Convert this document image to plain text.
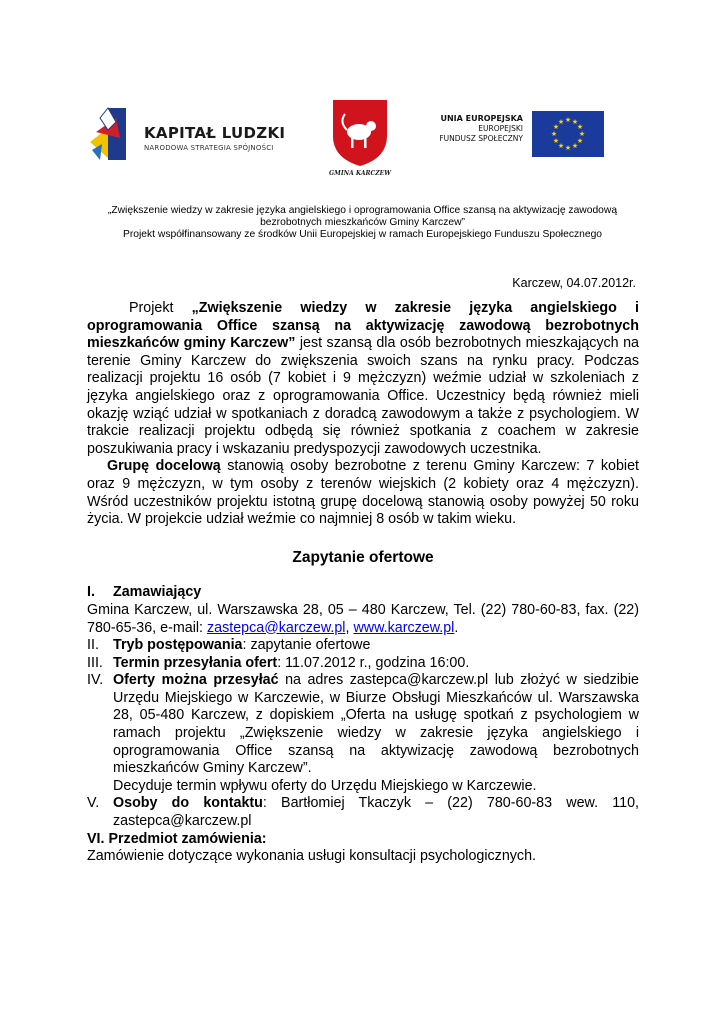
KAPITAŁ LUDZKI
NARODOWA STRATEGIA SPÓJNOŚCI
GMINA KARCZEW
UNIA EUROPEJSKA
EUROPEJSKI
FUNDUSZ SPOŁECZNY
★ ★
★
★
★
★
★
★
★
★
★
★
„Zwiększenie wiedzy w zakresie języka angielskiego i oprogramowania Office szansą na aktywizację zawodową
bezrobotnych mieszkańców Gminy Karczew”
Projekt współfinansowany ze środków Unii Europejskiej w ramach Europejskiego Funduszu Społecznego
Karczew, 04.07.2012r.

Projekt „Zwiększenie wiedzy w zakresie języka angielskiego i oprogramowania Office szansą na aktywizację zawodową bezrobotnych mieszkańców gminy Karczew” jest szansą dla osób bezrobotnych mieszkających na terenie Gminy Karczew do zwiększenia swoich szans na rynku pracy. Podczas realizacji projektu 16 osób (7 kobiet i 9 mężczyzn) weźmie udział w szkoleniach z języka angielskiego oraz z oprogramowania Office. Uczestnicy będą również mieli okazję wziąć udział w spotkaniach z doradcą zawodowym a także z psychologiem. W trakcie realizacji projektu odbędą się również spotkania z coachem w zakresie poszukiwania pracy i wskazaniu predyspozycji zawodowych uczestnika.

Grupę docelową stanowią osoby bezrobotne z terenu Gminy Karczew: 7 kobiet oraz 9 mężczyzn, w tym osoby z terenów wiejskich (2 kobiety oraz 4 mężczyzn). Wśród uczestników projektu istotną grupę docelową stanowią osoby powyżej 50 roku życia. W projekcie udział weźmie co najmniej 8 osób w takim wieku.

Zapytanie ofertowe
I.	Zamawiający
Gmina Karczew, ul. Warszawska 28, 05 – 480 Karczew, Tel. (22) 780-60-83, fax. (22) 780-65-36, e-mail: zastepca@karczew.pl, www.karczew.pl.
II. Tryb postępowania: zapytanie ofertowe
III. Termin przesyłania ofert: 11.07.2012 r., godzina 16:00.
IV. Oferty można przesyłać na adres zastepca@karczew.pl lub złożyć w siedzibie Urzędu Miejskiego w Karczewie, w Biurze Obsługi Mieszkańców ul. Warszawska 28, 05-480 Karczew, z dopiskiem „Oferta na usługę spotkań z psychologiem w ramach projektu „Zwiększenie wiedzy w zakresie języka angielskiego i oprogramowania Office szansą na aktywizację zawodową bezrobotnych mieszkańców Gminy Karczew”.
Decyduje termin wpływu oferty do Urzędu Miejskiego w Karczewie.
V. Osoby do kontaktu: Bartłomiej Tkaczyk – (22) 780-60-83 wew. 110, zastepca@karczew.pl
VI. Przedmiot zamówienia:
Zamówienie dotyczące wykonania usługi konsultacji psychologicznych.
